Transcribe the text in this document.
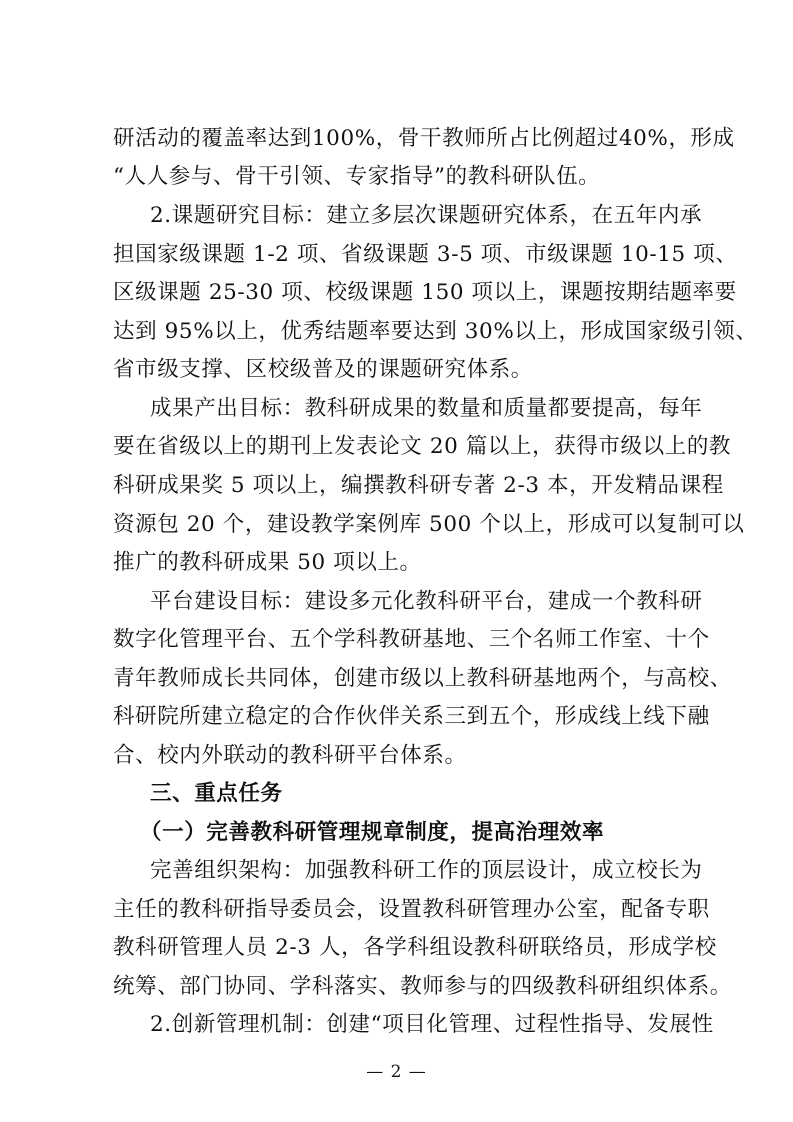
研活动的覆盖率达到100%，骨干教师所占比例超过40%，形成
“人人参与、骨干引领、专家指导”的教科研队伍。
2.课题研究目标：建立多层次课题研究体系，在五年内承
担国家级课题 1-2 项、省级课题 3-5 项、市级课题 10-15 项、
区级课题 25-30 项、校级课题 150 项以上，课题按期结题率要
达到 95%以上，优秀结题率要达到 30%以上，形成国家级引领、
省市级支撑、区校级普及的课题研究体系。
成果产出目标：教科研成果的数量和质量都要提高，每年
要在省级以上的期刊上发表论文 20 篇以上，获得市级以上的教
科研成果奖 5 项以上，编撰教科研专著 2-3 本，开发精品课程
资源包 20 个，建设教学案例库 500 个以上，形成可以复制可以
推广的教科研成果 50 项以上。
平台建设目标：建设多元化教科研平台，建成一个教科研
数字化管理平台、五个学科教研基地、三个名师工作室、十个
青年教师成长共同体，创建市级以上教科研基地两个，与高校、
科研院所建立稳定的合作伙伴关系三到五个，形成线上线下融
合、校内外联动的教科研平台体系。
三、重点任务
（一）完善教科研管理规章制度，提高治理效率
完善组织架构：加强教科研工作的顶层设计，成立校长为
主任的教科研指导委员会，设置教科研管理办公室，配备专职
教科研管理人员 2-3 人，各学科组设教科研联络员，形成学校
统筹、部门协同、学科落实、教师参与的四级教科研组织体系。
2.创新管理机制：创建“项目化管理、过程性指导、发展性
— 2 —
